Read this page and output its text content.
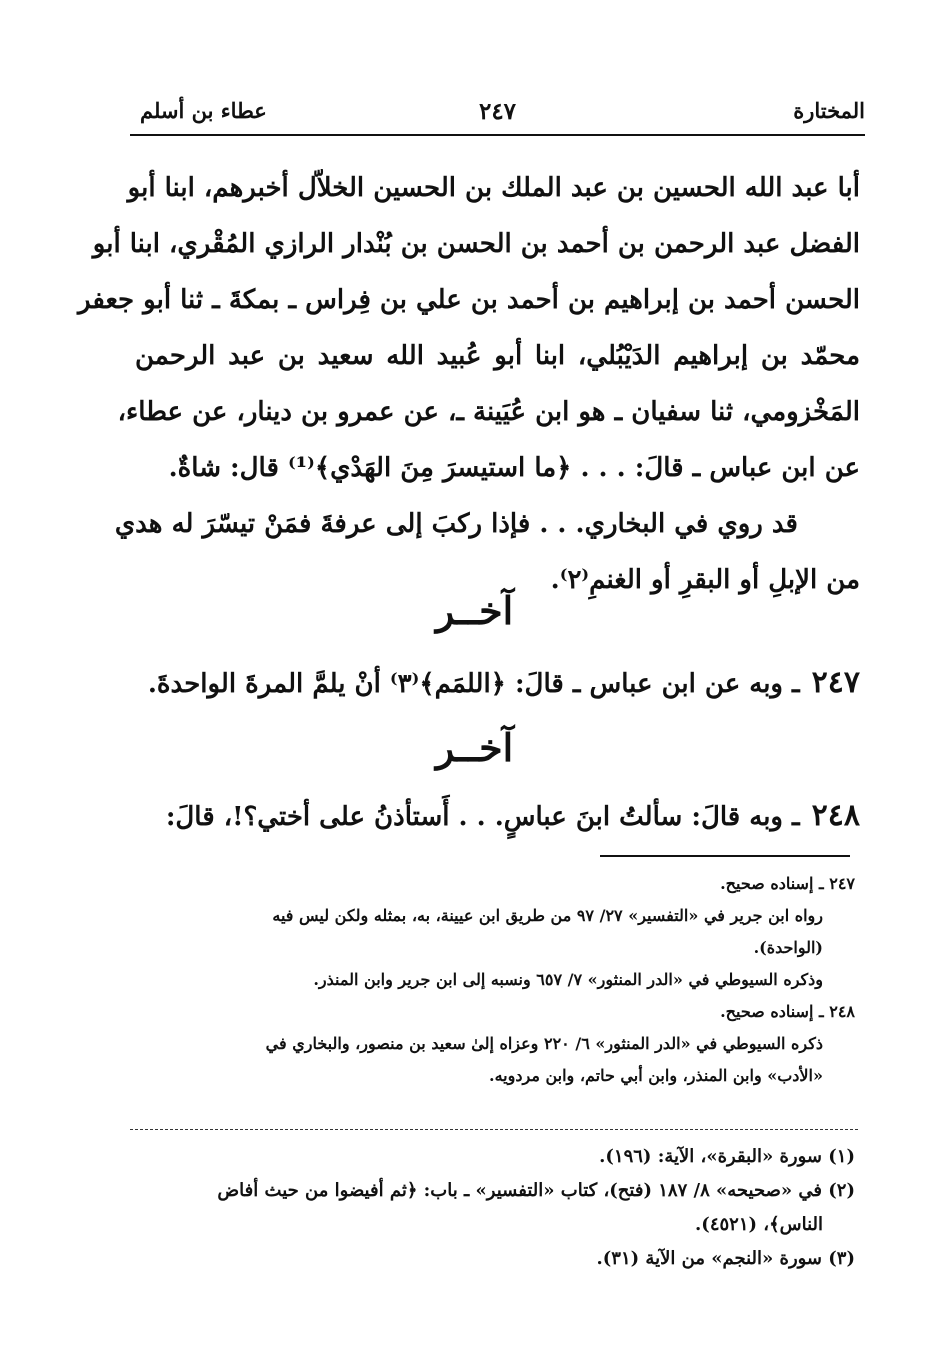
المختارة
٢٤٧
عطاء بن أسلم
أبا عبد الله الحسين بن عبد الملك بن الحسين الخلاّل أخبرهم، ابنا أبو
الفضل عبد الرحمن بن أحمد بن الحسن بن بُنْدار الرازي المُقْري، ابنا أبو
الحسن أحمد بن إبراهيم بن أحمد بن علي بن فِراس ـ بمكةَ ـ ثنا أبو جعفر
محمّد بن إبراهيم الدَيْبُلي، ابنا أبو عُبيد الله سعيد بن عبد الرحمن
المَخْزومي، ثنا سفيان ـ هو ابن عُيَينة ـ، عن عمرو بن دينار، عن عطاء،
عن ابن عباس ـ قالَ: . . . ﴿ما استيسرَ مِنَ الهَدْي﴾⁽¹⁾ قال: شاةٌ.
قد روي في البخاري. . . فإذا ركبَ إلى عرفةَ فمَنْ تيسّرَ له هدي
من الإبلِ أو البقرِ أو الغنمِ⁽٢⁾.
آخــر
٢٤٧ـ وبه عن ابن عباس ـ قالَ: ﴿اللمَم﴾⁽٣⁾ أنْ يلمَّ المرةَ الواحدةَ.
آخــر
٢٤٨ـ وبه قالَ: سألتُ ابنَ عباسٍ. . . أَستأذنُ على أختي؟!، قالَ:
٢٤٧ ـ إسناده صحيح.
رواه ابن جرير في «التفسير» ٢٧/ ٩٧ من طريق ابن عيينة، به، بمثله ولكن ليس فيه
(الواحدة).
وذكره السيوطي في «الدر المنثور» ٧/ ٦٥٧ ونسبه إلى ابن جرير وابن المنذر.
٢٤٨ ـ إسناده صحيح.
ذكره السيوطي في «الدر المنثور» ٦/ ٢٢٠ وعزاه إلىٰ سعيد بن منصور، والبخاري في
«الأدب» وابن المنذر، وابن أبي حاتم، وابن مردويه.
(١) سورة «البقرة»، الآية: (١٩٦).
(٢) في «صحيحه» ٨/ ١٨٧ (فتح)، كتاب «التفسير» ـ باب: ﴿ثم أفيضوا من حيث أفاض
الناس﴾، (٤٥٢١).
(٣) سورة «النجم» من الآية (٣١).
